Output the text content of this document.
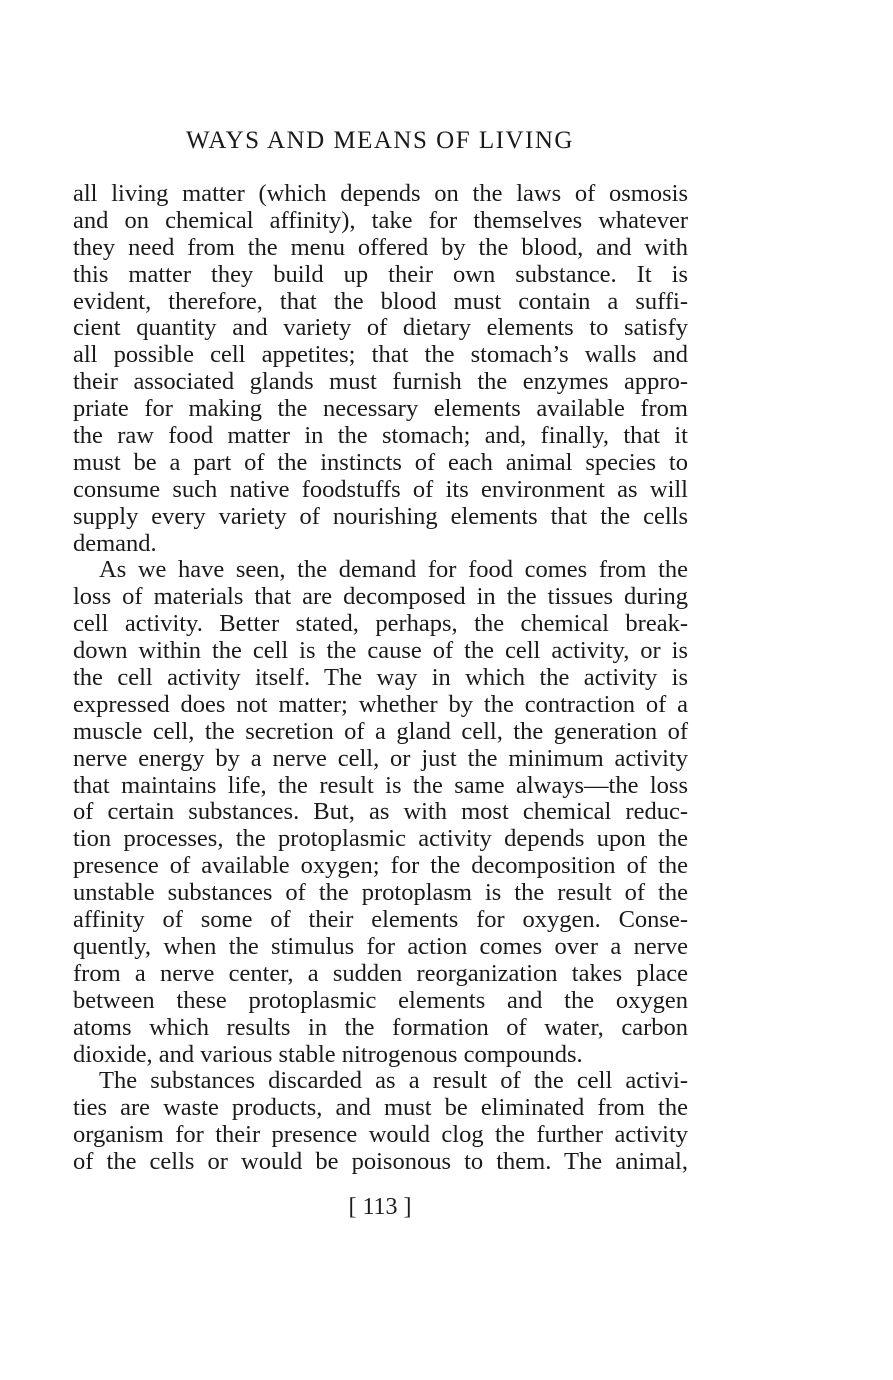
WAYS AND MEANS OF LIVING
all living matter (which depends on the laws of osmosis
and on chemical affinity), take for themselves whatever
they need from the menu offered by the blood, and with
this matter they build up their own substance. It is
evident, therefore, that the blood must contain a suffi-
cient quantity and variety of dietary elements to satisfy
all possible cell appetites; that the stomach’s walls and
their associated glands must furnish the enzymes appro-
priate for making the necessary elements available from
the raw food matter in the stomach; and, finally, that it
must be a part of the instincts of each animal species to
consume such native foodstuffs of its environment as will
supply every variety of nourishing elements that the cells
demand.
As we have seen, the demand for food comes from the
loss of materials that are decomposed in the tissues during
cell activity. Better stated, perhaps, the chemical break-
down within the cell is the cause of the cell activity, or is
the cell activity itself. The way in which the activity is
expressed does not matter; whether by the contraction of a
muscle cell, the secretion of a gland cell, the generation of
nerve energy by a nerve cell, or just the minimum activity
that maintains life, the result is the same always—the loss
of certain substances. But, as with most chemical reduc-
tion processes, the protoplasmic activity depends upon the
presence of available oxygen; for the decomposition of the
unstable substances of the protoplasm is the result of the
affinity of some of their elements for oxygen. Conse-
quently, when the stimulus for action comes over a nerve
from a nerve center, a sudden reorganization takes place
between these protoplasmic elements and the oxygen
atoms which results in the formation of water, carbon
dioxide, and various stable nitrogenous compounds.
The substances discarded as a result of the cell activi-
ties are waste products, and must be eliminated from the
organism for their presence would clog the further activity
of the cells or would be poisonous to them. The animal,
[ 113 ]
